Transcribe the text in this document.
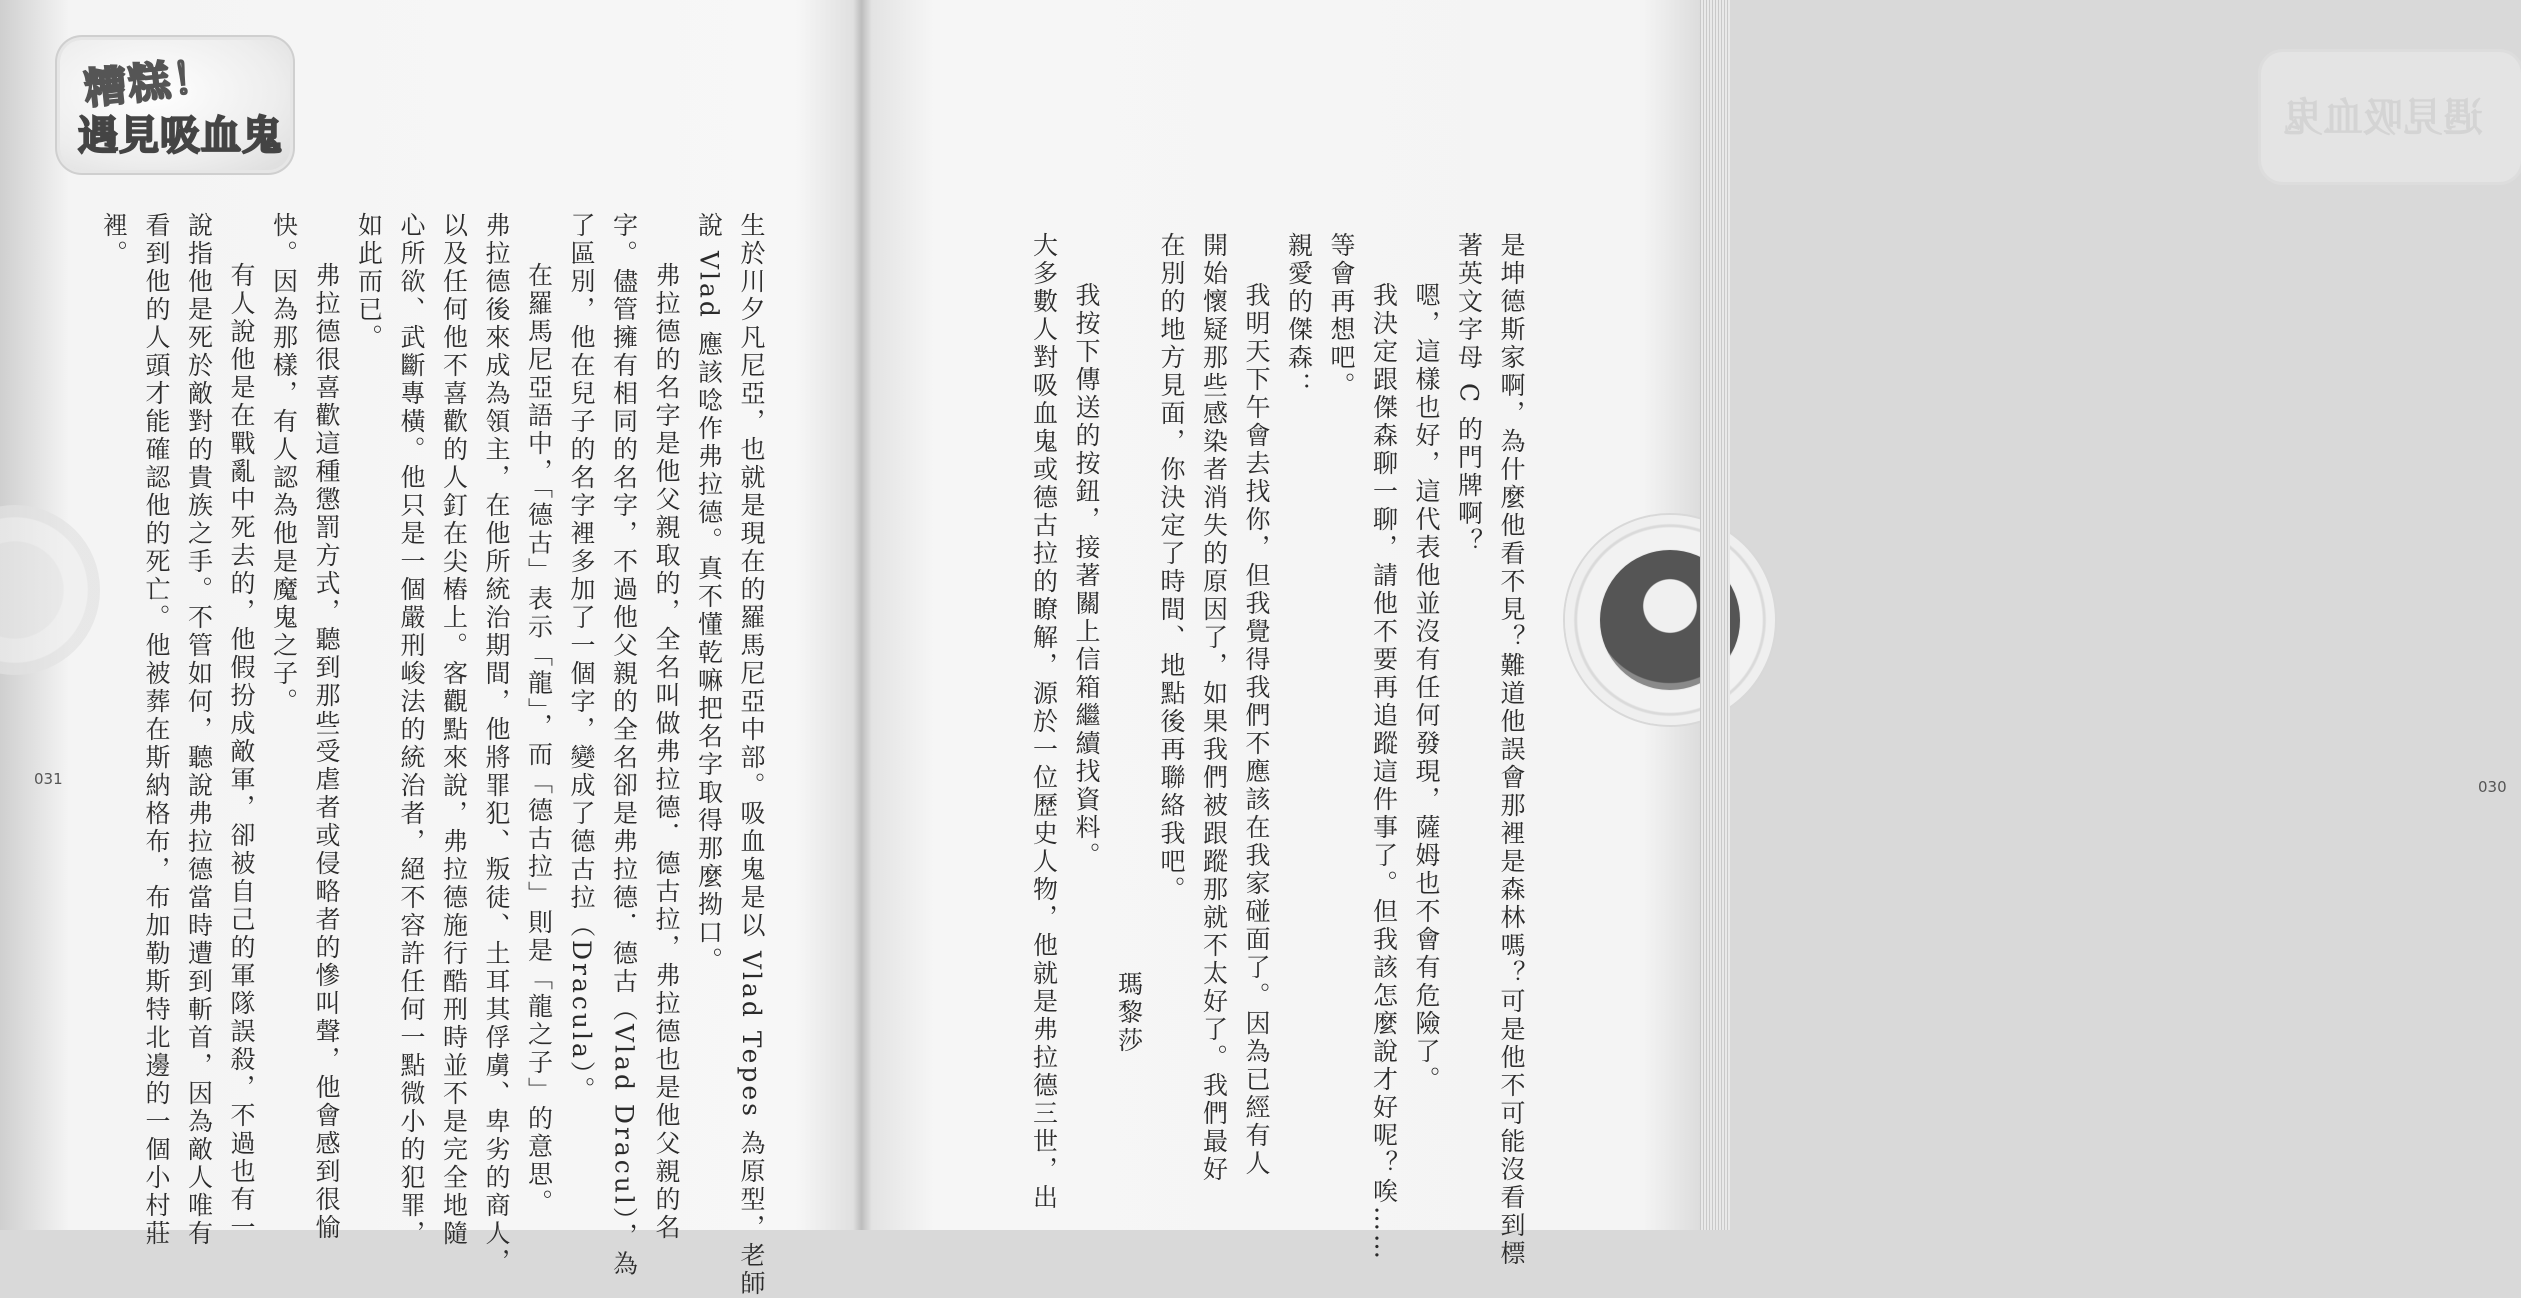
糟糕！
遇見吸血鬼

生於川夕凡尼亞，也就是現在的羅馬尼亞中部。吸血鬼是以 Vlad Tepes 為原型，老師

說 Vlad 應該唸作弗拉德。真不懂乾嘛把名字取得那麼拗口。

弗拉德的名字是他父親取的，全名叫做弗拉德．德古拉，弗拉德也是他父親的名

字。儘管擁有相同的名字，不過他父親的全名卻是弗拉德．德古（Vlad Dracul），為

了區別，他在兒子的名字裡多加了一個字，變成了德古拉（Dracula）。

在羅馬尼亞語中，「德古」表示「龍」，而「德古拉」則是「龍之子」的意思。

弗拉德後來成為領主，在他所統治期間，他將罪犯、叛徒、土耳其俘虜、卑劣的商人，

以及任何他不喜歡的人釘在尖樁上。客觀點來說，弗拉德施行酷刑時並不是完全地隨

心所欲、武斷專橫。他只是一個嚴刑峻法的統治者，絕不容許任何一點微小的犯罪，

如此而已。

弗拉德很喜歡這種懲罰方式，聽到那些受虐者或侵略者的慘叫聲，他會感到很愉

快。因為那樣，有人認為他是魔鬼之子。

有人說他是在戰亂中死去的，他假扮成敵軍，卻被自己的軍隊誤殺，不過也有一

說指他是死於敵對的貴族之手。不管如何，聽說弗拉德當時遭到斬首，因為敵人唯有

看到他的人頭才能確認他的死亡。他被葬在斯納格布，布加勒斯特北邊的一個小村莊

裡。

031
遇見吸血鬼

是坤德斯家啊，為什麼他看不見？難道他誤會那裡是森林嗎？可是他不可能沒看到標

著英文字母 C 的門牌啊？

嗯，這樣也好，這代表他並沒有任何發現，薩姆也不會有危險了。

我決定跟傑森聊一聊，請他不要再追蹤這件事了。但我該怎麼說才好呢？唉……

等會再想吧。

親愛的傑森：

我明天下午會去找你，但我覺得我們不應該在我家碰面了。因為已經有人

開始懷疑那些感染者消失的原因了，如果我們被跟蹤那就不太好了。我們最好

在別的地方見面，你決定了時間、地點後再聯絡我吧。

瑪黎莎

我按下傳送的按鈕，接著關上信箱繼續找資料。

大多數人對吸血鬼或德古拉的瞭解，源於一位歷史人物，他就是弗拉德三世，出	030
